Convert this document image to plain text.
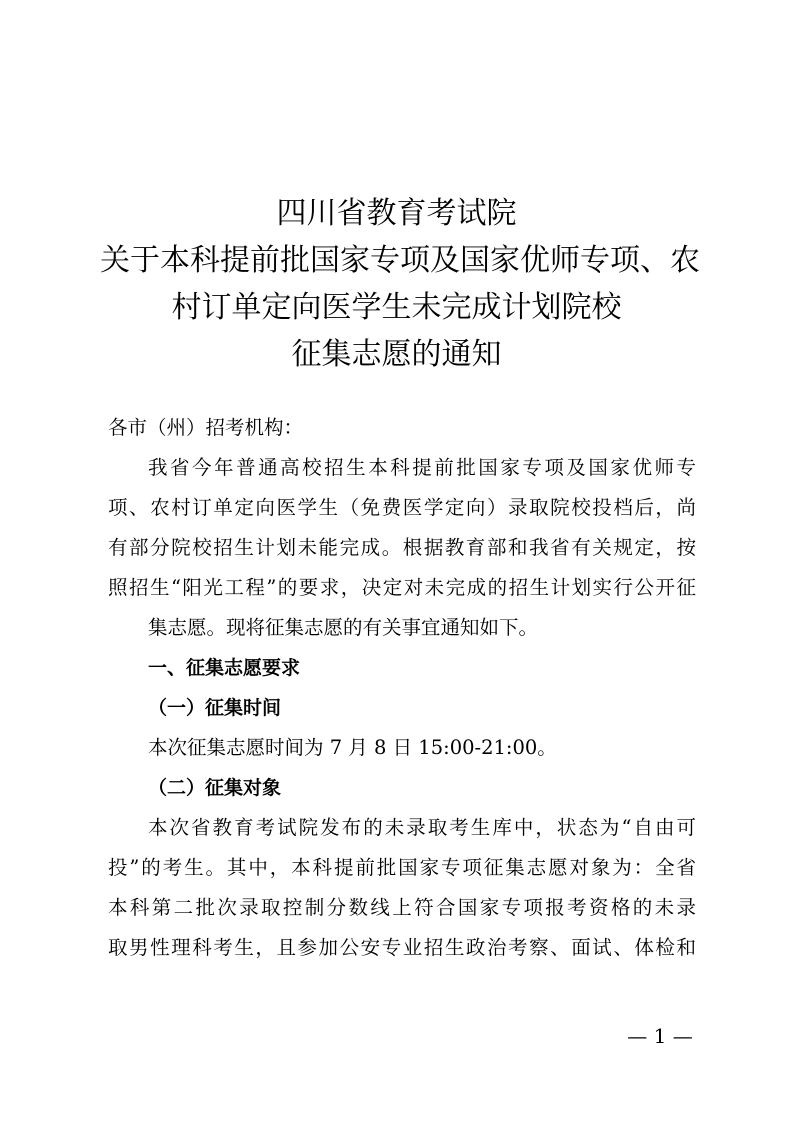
四川省教育考试院
关于本科提前批国家专项及国家优师专项、农
村订单定向医学生未完成计划院校
征集志愿的通知
各市（州）招考机构：
我省今年普通高校招生本科提前批国家专项及国家优师专
项、农村订单定向医学生（免费医学定向）录取院校投档后，尚
有部分院校招生计划未能完成。根据教育部和我省有关规定，按
照招生“阳光工程”的要求，决定对未完成的招生计划实行公开征
集志愿。现将征集志愿的有关事宜通知如下。
一、征集志愿要求
（一）征集时间
本次征集志愿时间为 7 月 8 日 15:00-21:00。
（二）征集对象
本次省教育考试院发布的未录取考生库中，状态为“自由可
投”的考生。其中，本科提前批国家专项征集志愿对象为：全省
本科第二批次录取控制分数线上符合国家专项报考资格的未录
取男性理科考生，且参加公安专业招生政治考察、面试、体检和
— 1 —
